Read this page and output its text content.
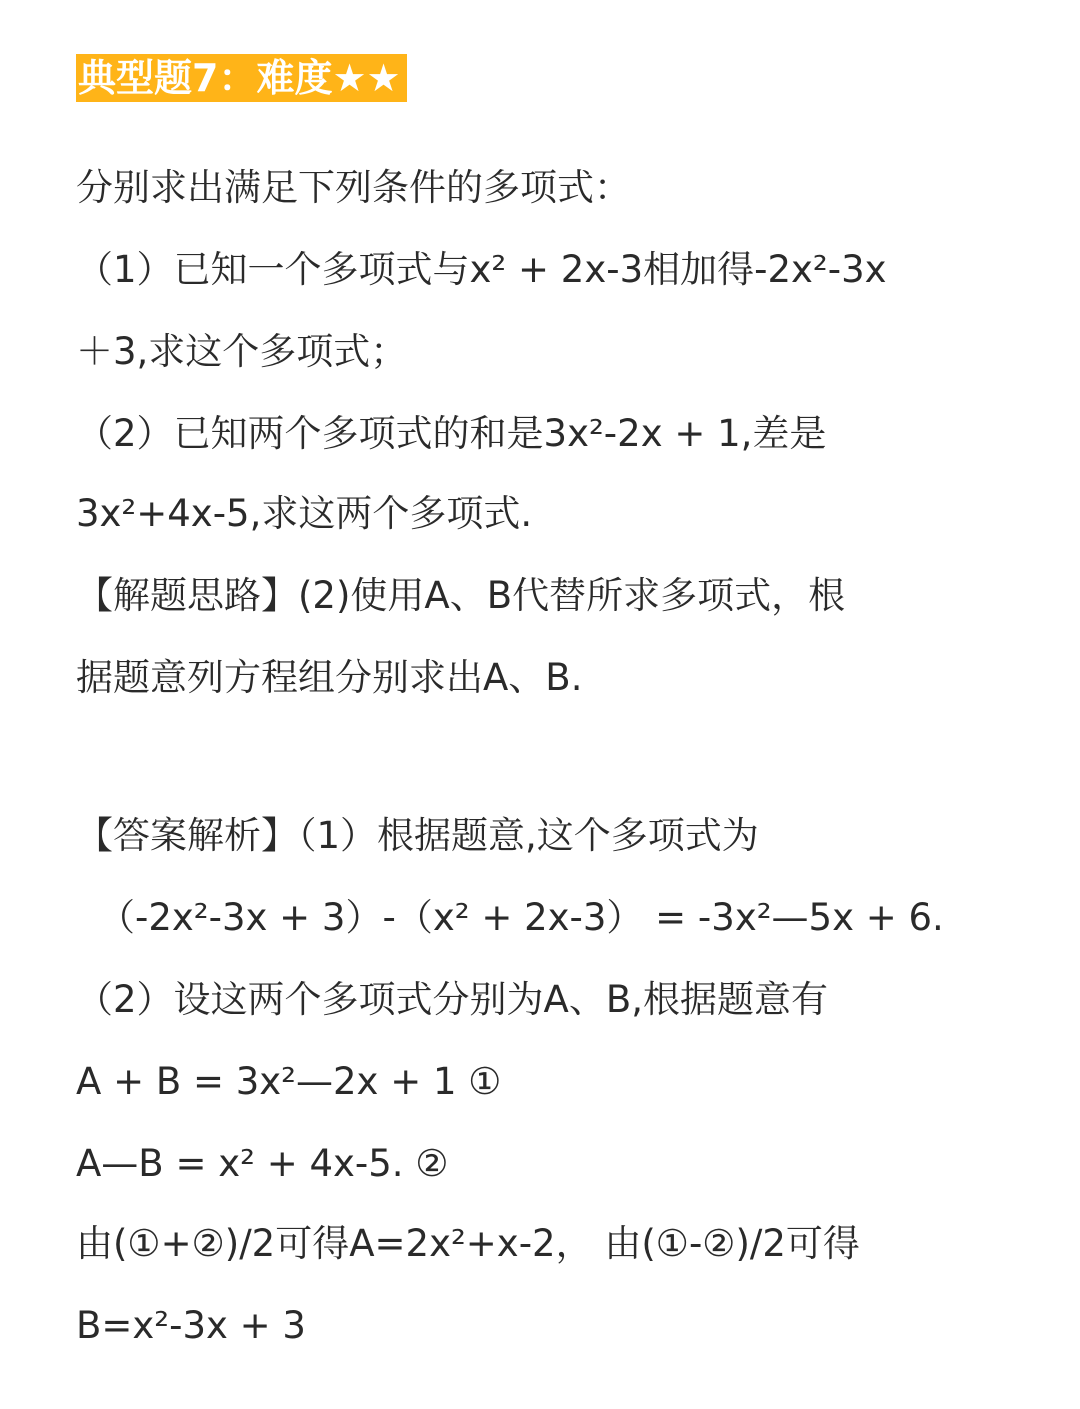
典型题7：难度★★
分别求出满足下列条件的多项式：
（1）已知一个多项式与x² + 2x-3相加得-2x²-3x
＋3,求这个多项式；
（2）已知两个多项式的和是3x²-2x + 1,差是
3x²+4x-5,求这两个多项式.
【解题思路】(2)使用A、B代替所求多项式，根
据题意列方程组分别求出A、B.
【答案解析】（1）根据题意,这个多项式为
（-2x²-3x + 3）-（x² + 2x-3） = -3x²—5x + 6.
（2）设这两个多项式分别为A、B,根据题意有
A + B = 3x²—2x + 1 ①
A—B = x² + 4x-5. ②
由(①+②)/2可得A=2x²+x-2， 由(①-②)/2可得
B=x²-3x + 3
